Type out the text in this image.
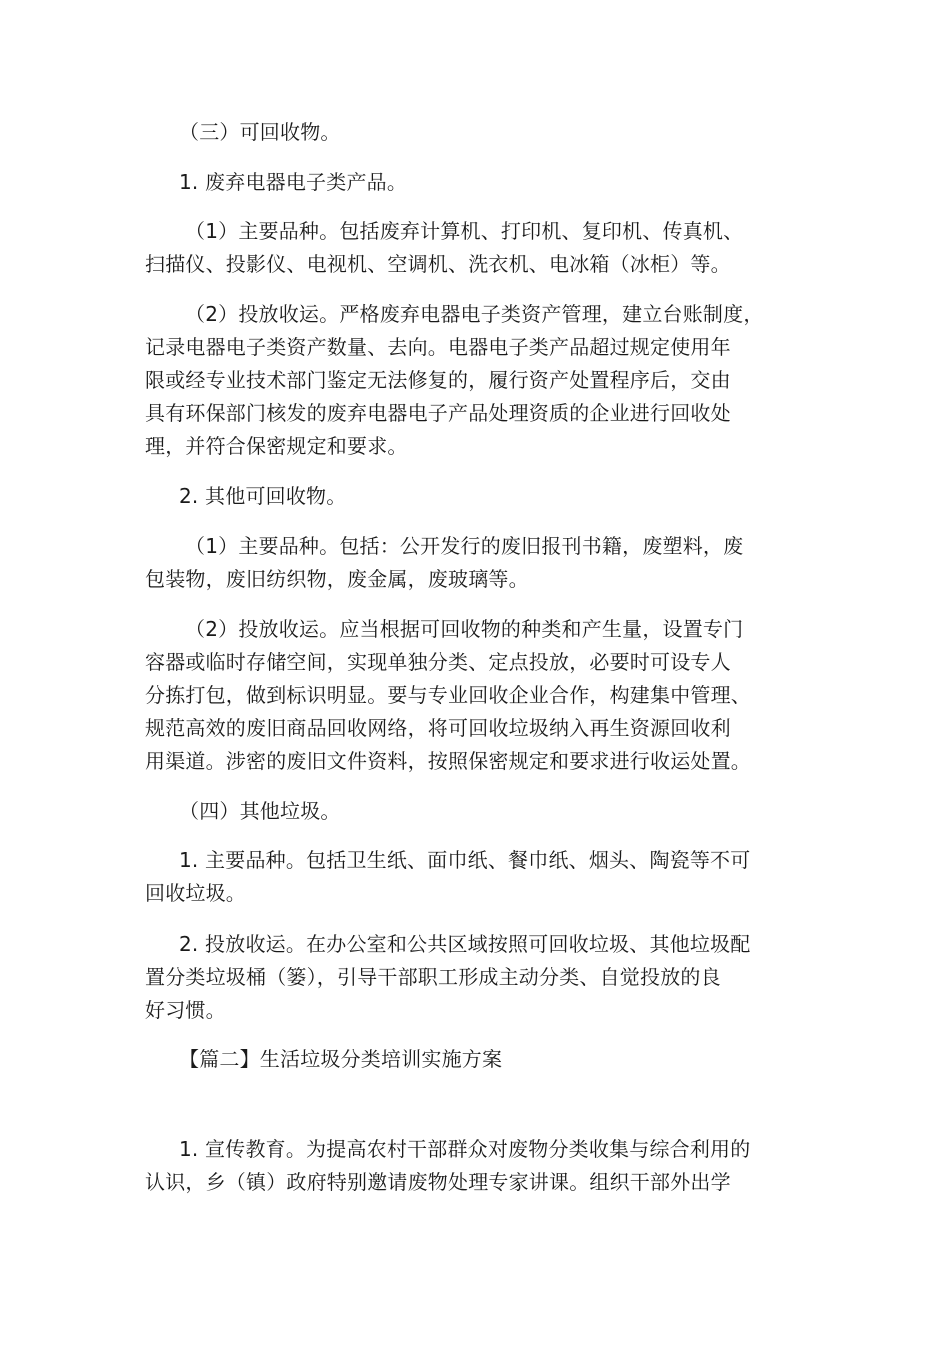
（三）可回收物。
1. 废弃电器电子类产品。
（1）主要品种。包括废弃计算机、打印机、复印机、传真机、
扫描仪、投影仪、电视机、空调机、洗衣机、电冰箱（冰柜）等。
（2）投放收运。严格废弃电器电子类资产管理，建立台账制度，
记录电器电子类资产数量、去向。电器电子类产品超过规定使用年
限或经专业技术部门鉴定无法修复的，履行资产处置程序后，交由
具有环保部门核发的废弃电器电子产品处理资质的企业进行回收处
理，并符合保密规定和要求。
2. 其他可回收物。
（1）主要品种。包括：公开发行的废旧报刊书籍，废塑料，废
包装物，废旧纺织物，废金属，废玻璃等。
（2）投放收运。应当根据可回收物的种类和产生量，设置专门
容器或临时存储空间，实现单独分类、定点投放，必要时可设专人
分拣打包，做到标识明显。要与专业回收企业合作，构建集中管理、
规范高效的废旧商品回收网络，将可回收垃圾纳入再生资源回收利
用渠道。涉密的废旧文件资料，按照保密规定和要求进行收运处置。
（四）其他垃圾。
1. 主要品种。包括卫生纸、面巾纸、餐巾纸、烟头、陶瓷等不可
回收垃圾。
2. 投放收运。在办公室和公共区域按照可回收垃圾、其他垃圾配
置分类垃圾桶（篓），引导干部职工形成主动分类、自觉投放的良
好习惯。
【篇二】生活垃圾分类培训实施方案
1. 宣传教育。为提高农村干部群众对废物分类收集与综合利用的
认识，乡（镇）政府特别邀请废物处理专家讲课。组织干部外出学
